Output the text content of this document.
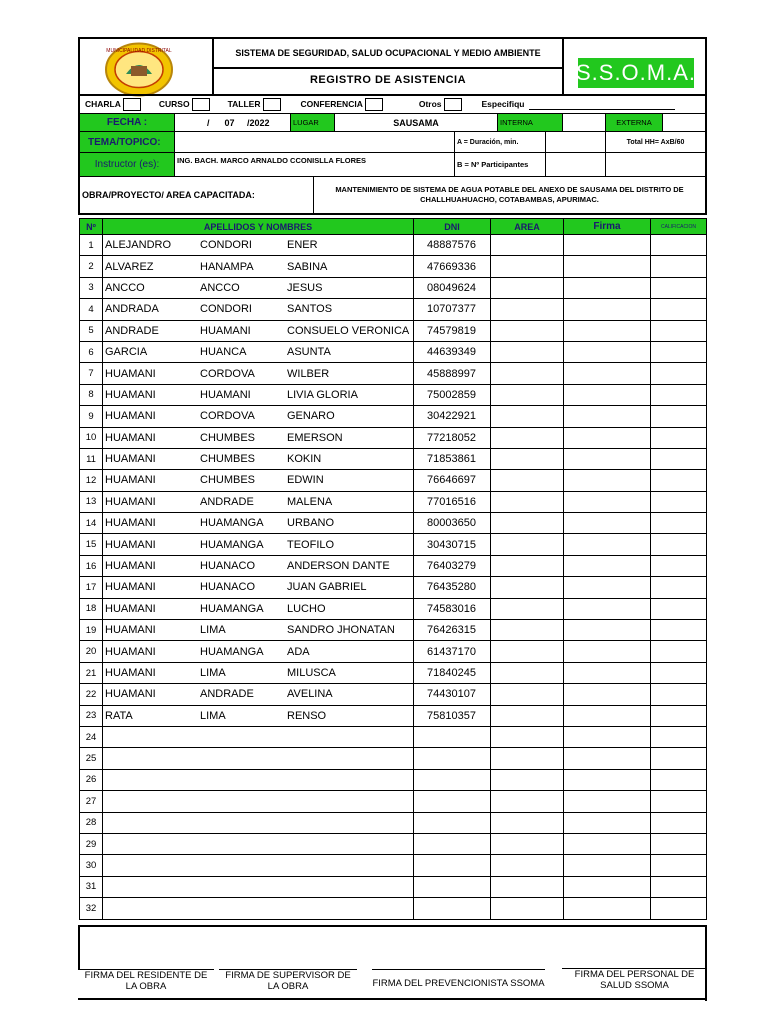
MUNICIPALIDAD DISTRITAL	SISTEMA DE SEGURIDAD, SALUD OCUPACIONAL Y MEDIO AMBIENTE
REGISTRO DE ASISTENCIA	S.S.O.M.A.
CHARLA	CURSO	TALLER	CONFERENCIA	Otros	Especifiqu
FECHA :	/      07     /2022	LUGAR	SAUSAMA	INTERNA	EXTERNA
TEMA/TOPICO:	A = Duración, min.	Total HH= AxB/60
Instructor (es):	ING. BACH. MARCO ARNALDO CCONISLLA FLORES	B = Nº Participantes
OBRA/PROYECTO/ AREA CAPACITADA:
MANTENIMIENTO DE SISTEMA DE AGUA POTABLE DEL ANEXO DE SAUSAMA DEL DISTRITO DE CHALLHUAHUACHO, COTABAMBAS, APURIMAC.
Nº	APELLIDOS Y NOMBRES	DNI	AREA	Firma	CALIFICACION
1	ALEJANDRO CONDORI ENER	48887576			
2	ALVAREZ HANAMPA SABINA	47669336			
3	ANCCO ANCCO JESUS	08049624			
4	ANDRADA CONDORI SANTOS	10707377			
5	ANDRADE HUAMANI CONSUELO VERONICA	74579819			
6	GARCIA HUANCA ASUNTA	44639349			
7	HUAMANI CORDOVA WILBER	45888997			
8	HUAMANI HUAMANI LIVIA GLORIA	75002859			
9	HUAMANI CORDOVA GENARO	30422921			
10	HUAMANI CHUMBES EMERSON	77218052			
11	HUAMANI CHUMBES KOKIN	71853861			
12	HUAMANI CHUMBES EDWIN	76646697			
13	HUAMANI ANDRADE MALENA	77016516			
14	HUAMANI HUAMANGA URBANO	80003650			
15	HUAMANI HUAMANGA TEOFILO	30430715			
16	HUAMANI HUANACO ANDERSON DANTE	76403279			
17	HUAMANI HUANACO JUAN GABRIEL	76435280			
18	HUAMANI HUAMANGA LUCHO	74583016			
19	HUAMANI LIMA SANDRO JHONATAN	76426315			
20	HUAMANI HUAMANGA ADA	61437170			
21	HUAMANI LIMA MILUSCA	71840245			
22	HUAMANI ANDRADE AVELINA	74430107			
23	RATA LIMA RENSO	75810357			
24	

25	

26	

27	

28	

29	

30	

31	

32	

FIRMA DEL RESIDENTE DE LA OBRA
FIRMA DE SUPERVISOR DE LA OBRA	FIRMA DEL PREVENCIONISTA SSOMA
FIRMA DEL PERSONAL DE SALUD SSOMA
